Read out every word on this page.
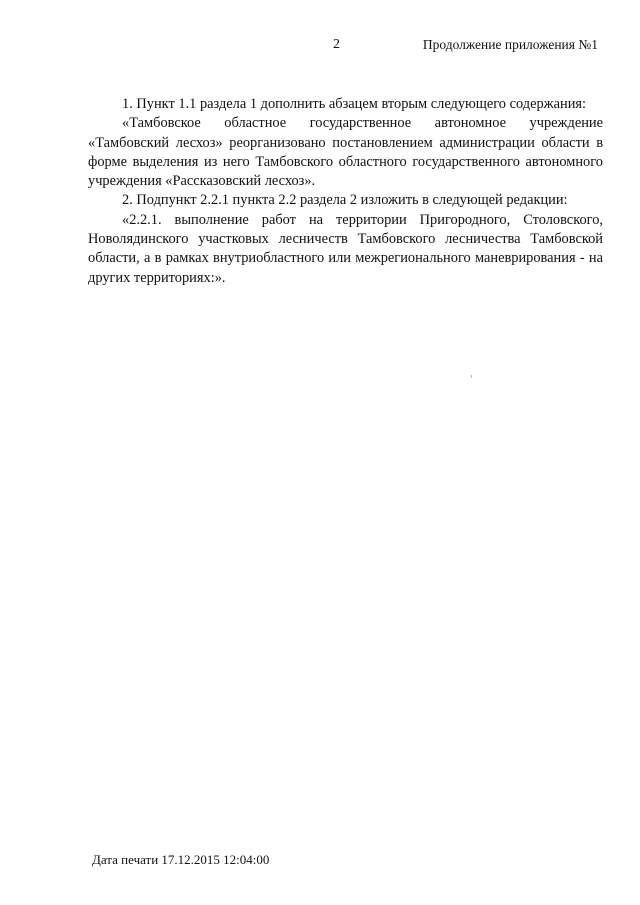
2	Продолжение приложения №1

1. Пункт 1.1 раздела 1 дополнить абзацем вторым следующего содержания:

«Тамбовское областное государственное автономное учреждение «Тамбовский лесхоз» реорганизовано постановлением администрации области в форме выделения из него Тамбовского областного государственного автономного учреждения «Рассказовский лесхоз».

2. Подпункт 2.2.1 пункта 2.2 раздела 2 изложить в следующей редакции:

«2.2.1. выполнение работ на территории Пригородного, Столовского, Новолядинского участковых лесничеств Тамбовского лесничества Тамбовской области, а в рамках внутриобластного или межрегионального маневрирования - на других территориях:».

Дата печати 17.12.2015 12:04:00
